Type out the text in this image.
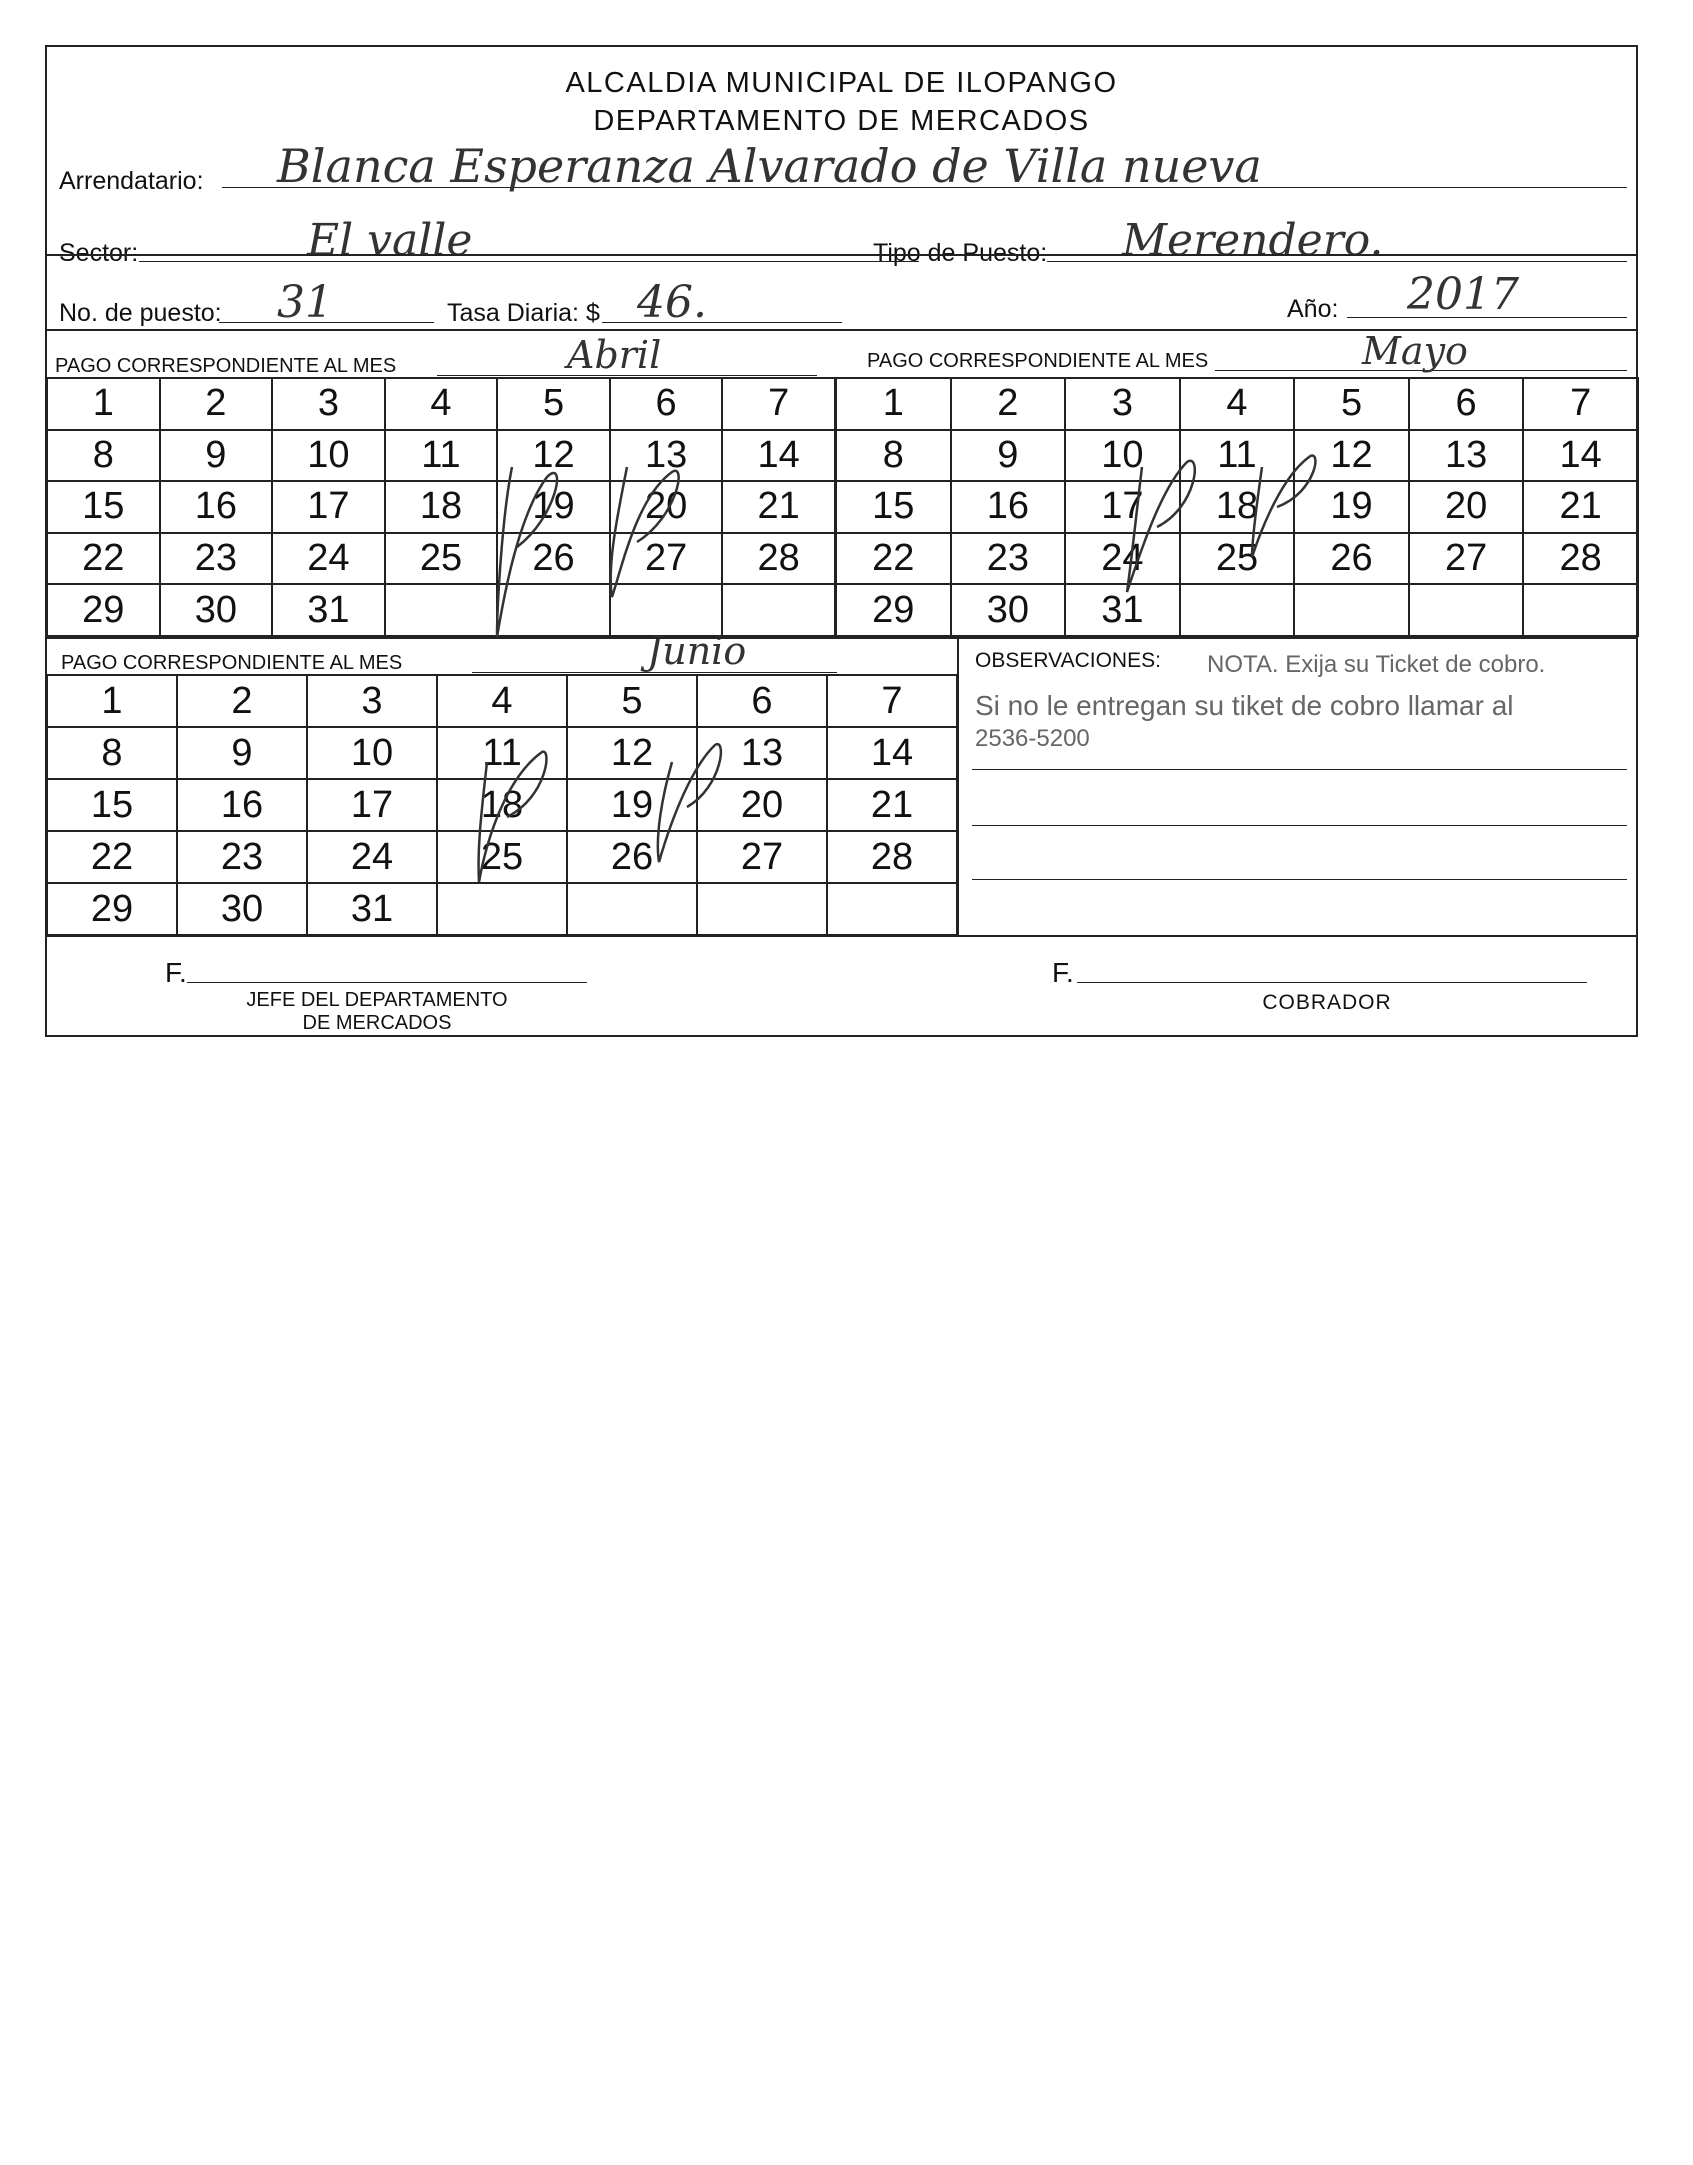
ALCALDIA MUNICIPAL DE ILOPANGO
DEPARTAMENTO DE MERCADOS
Arrendatario: Blanca Esperanza Alvarado de Villa nueva
Sector:	El valle	Tipo de Puesto: Merendero.
No. de puesto: 31	Tasa Diaria: $ 46.	Año: 2017
PAGO CORRESPONDIENTE AL MES	Abril	PAGO CORRESPONDIENTE AL MES	Mayo
1	2	3	4	5	6	7
8	9	10	11	12	13	14
15	16	17	18	19	20	21
22	23	24	25	26	27	28
29	30	31				
1	2	3	4	5	6	7
8	9	10	11	12	13	14
15	16	17	18	19	20	21
22	23	24	25	26	27	28
29	30	31				
PAGO CORRESPONDIENTE AL MES	Junio
1	2	3	4	5	6	7
8	9	10	11	12	13	14
15	16	17	18	19	20	21
22	23	24	25	26	27	28
29	30	31				
OBSERVACIONES: NOTA. Exija su Ticket de cobro.
Si no le entregan su tiket de cobro llamar al
2536-5200
F.
JEFE DEL DEPARTAMENTO
DE MERCADOS
F.
COBRADOR
